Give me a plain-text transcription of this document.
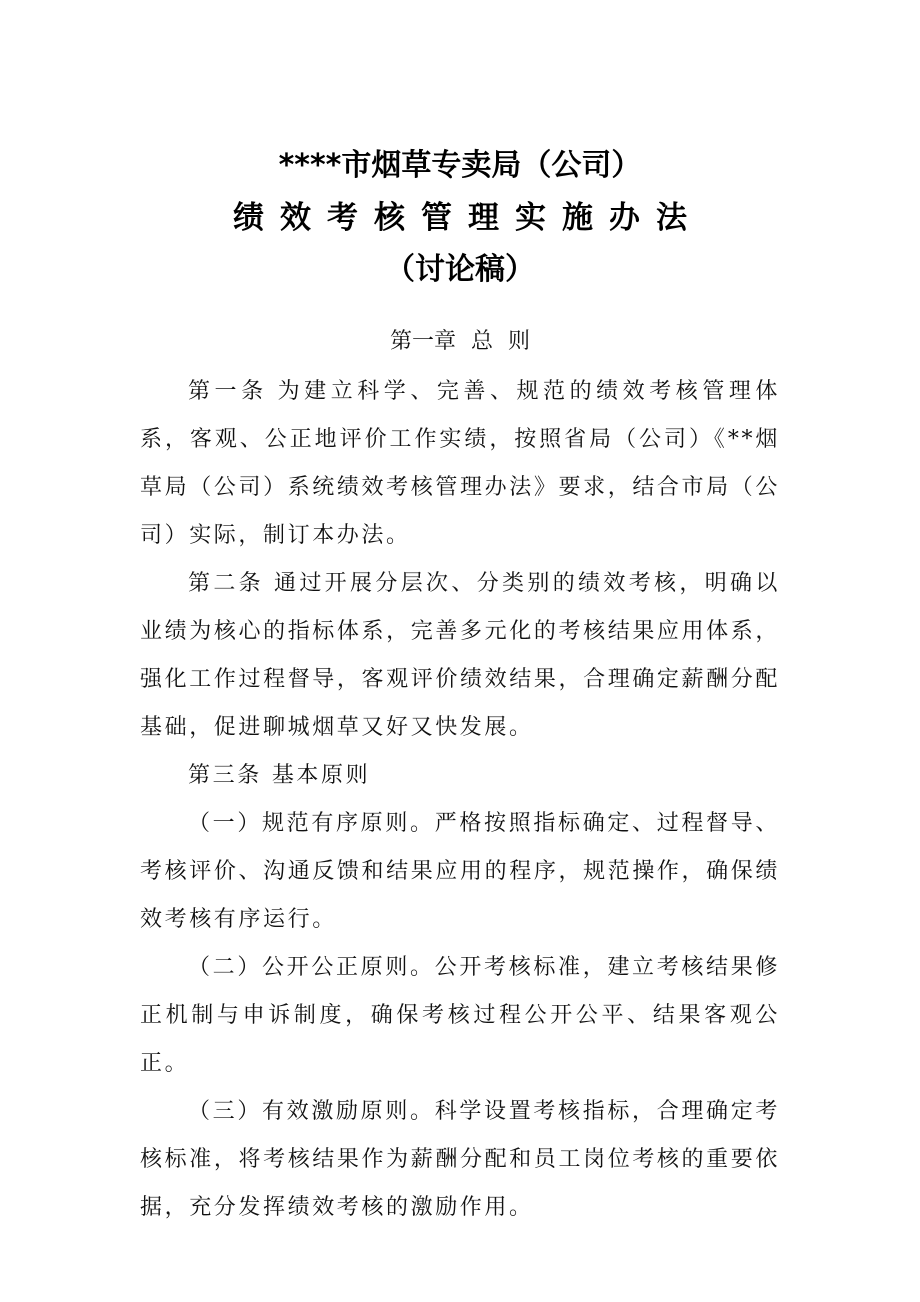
****市烟草专卖局（公司）
绩效考核管理实施办法
（讨论稿）
第一章 总 则

第一条 为建立科学、完善、规范的绩效考核管理体系，客观、公正地评价工作实绩，按照省局（公司）《**烟草局（公司）系统绩效考核管理办法》要求，结合市局（公司）实际，制订本办法。

第二条 通过开展分层次、分类别的绩效考核，明确以业绩为核心的指标体系，完善多元化的考核结果应用体系，强化工作过程督导，客观评价绩效结果，合理确定薪酬分配基础，促进聊城烟草又好又快发展。

第三条 基本原则

（一）规范有序原则。严格按照指标确定、过程督导、考核评价、沟通反馈和结果应用的程序，规范操作，确保绩效考核有序运行。

（二）公开公正原则。公开考核标准，建立考核结果修正机制与申诉制度，确保考核过程公开公平、结果客观公正。

（三）有效激励原则。科学设置考核指标，合理确定考核标准，将考核结果作为薪酬分配和员工岗位考核的重要依据，充分发挥绩效考核的激励作用。
